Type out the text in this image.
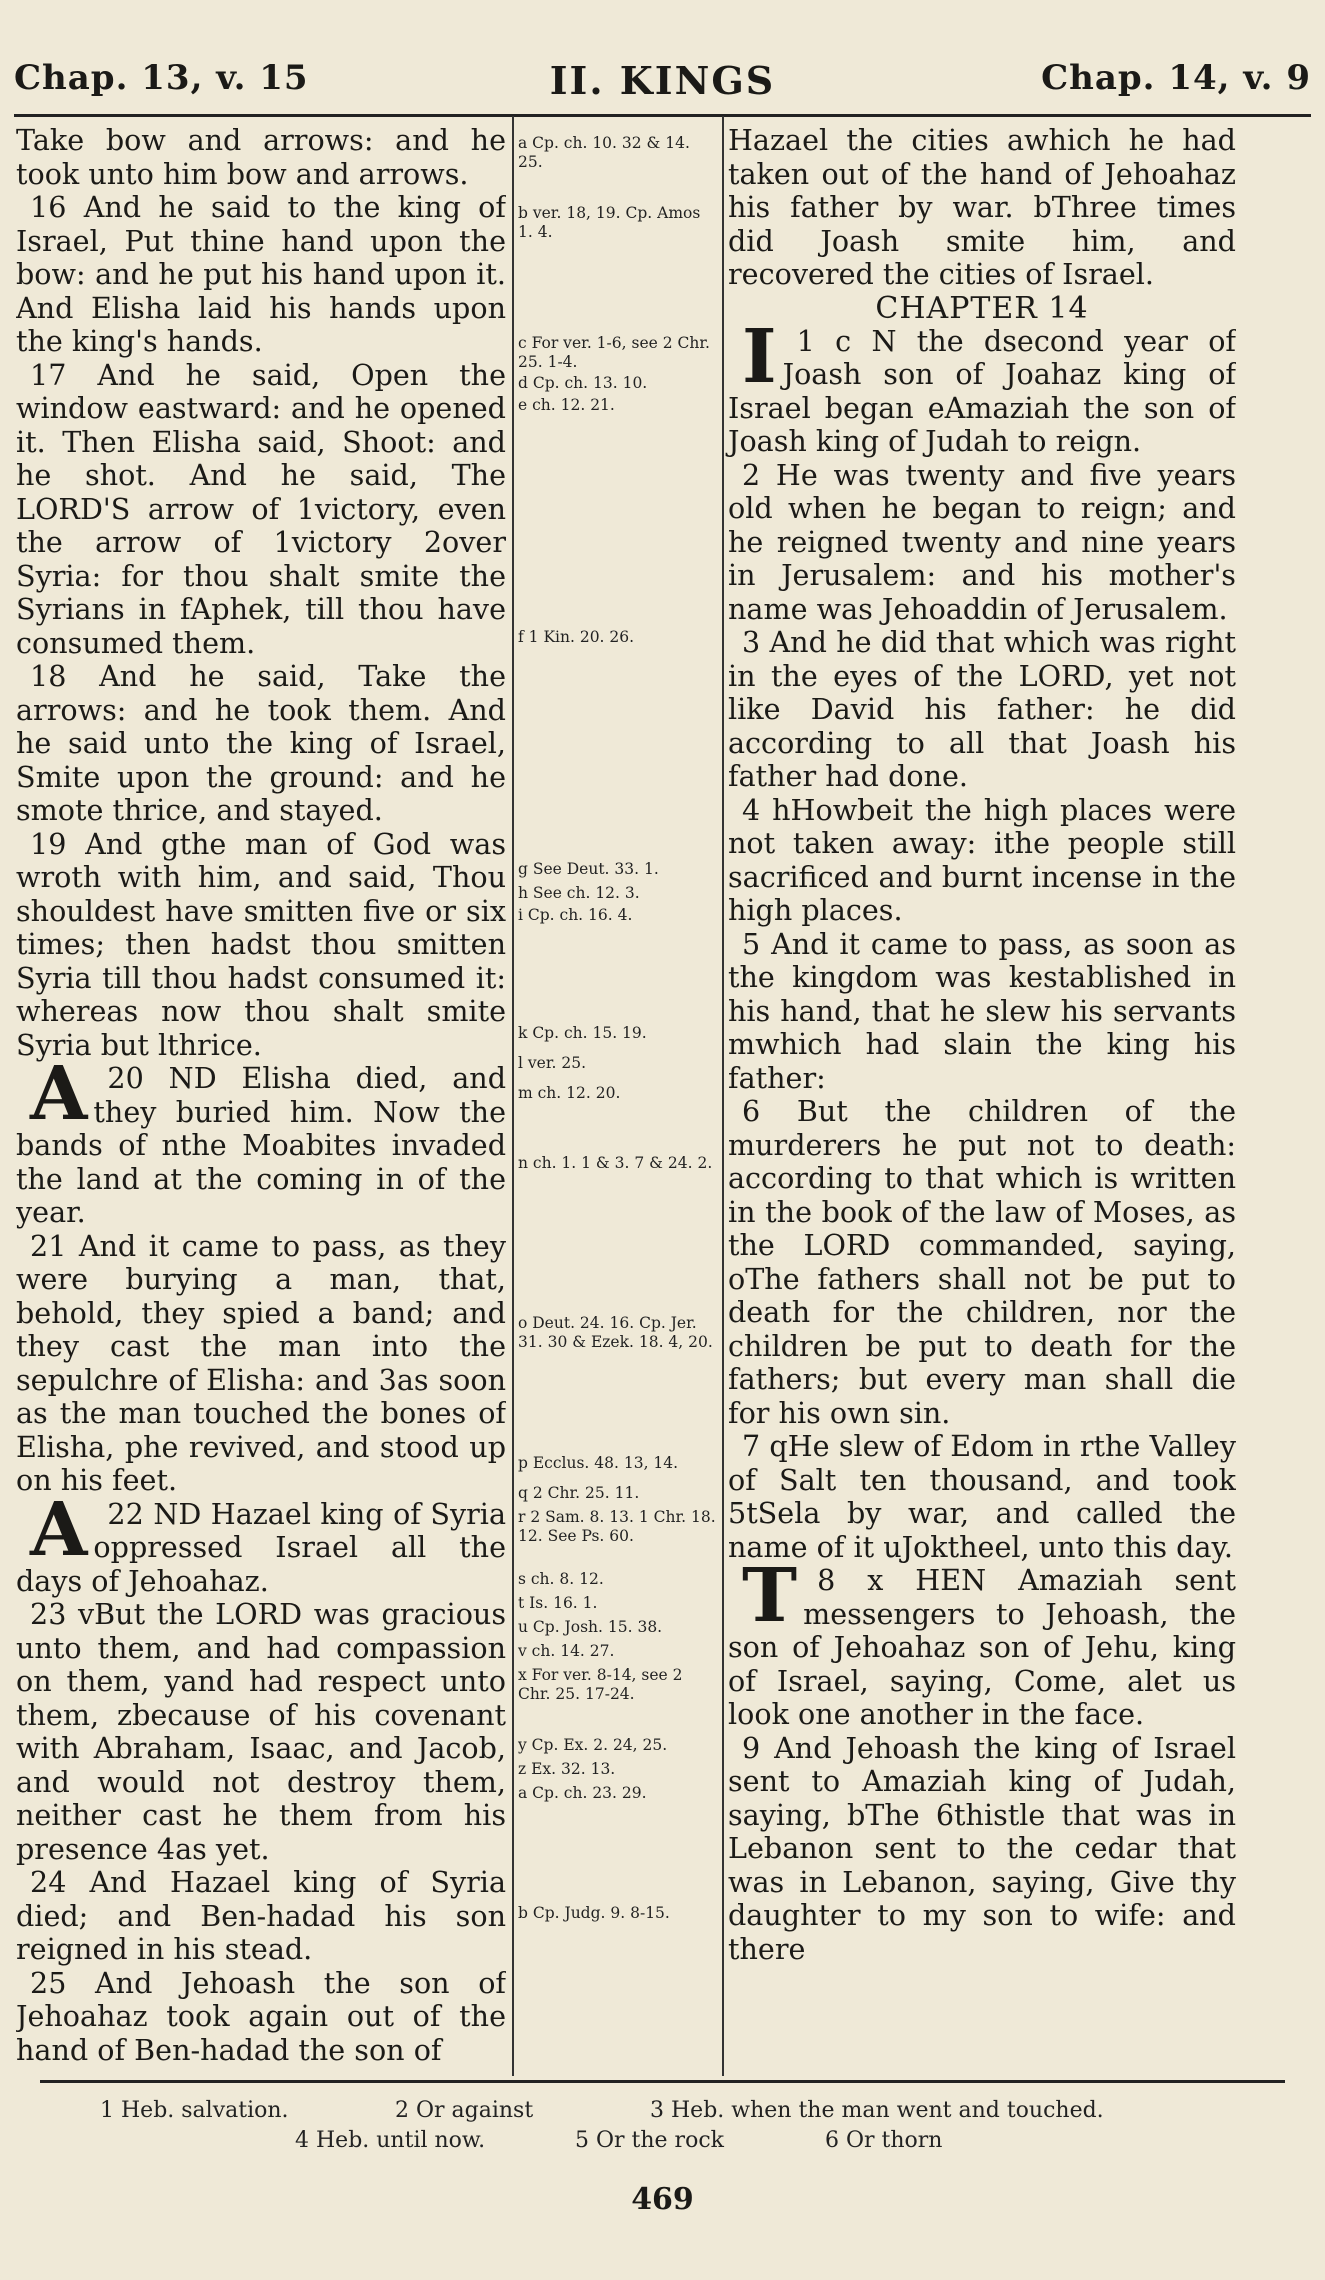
Chap. 13, v. 15	II. KINGS	Chap. 14, v. 9

Take bow and arrows: and he took unto him bow and arrows.

16 And he said to the king of Israel, Put thine hand upon the bow: and he put his hand upon it. And Elisha laid his hands upon the king's hands.

17 And he said, Open the window eastward: and he opened it. Then Elisha said, Shoot: and he shot. And he said, The LORD'S arrow of 1victory, even the arrow of 1victory 2over Syria: for thou shalt smite the Syrians in fAphek, till thou have consumed them.

18 And he said, Take the arrows: and he took them. And he said unto the king of Israel, Smite upon the ground: and he smote thrice, and stayed.

19 And gthe man of God was wroth with him, and said, Thou shouldest have smitten five or six times; then hadst thou smitten Syria till thou hadst consumed it: whereas now thou shalt smite Syria but lthrice.

20
A	ND Elisha died, and they buried him. Now the bands of nthe Moabites invaded the land at the coming in of the year.

21 And it came to pass, as they were burying a man, that, behold, they spied a band; and they cast the man into the sepulchre of Elisha: and 3as soon as the man touched the bones of Elisha, phe revived, and stood up on his feet.

22
A ND Hazael king of Syria oppressed Israel all the days of Jehoahaz.

23 vBut the LORD was gracious unto them, and had compassion on them, yand had respect unto them, zbecause of his covenant with Abraham, Isaac, and Jacob, and would not destroy them, neither cast he them from his presence 4as yet.

24 And Hazael king of Syria died; and Ben-hadad his son reigned in his stead.

25 And Jehoash the son of Jehoahaz took again out of the hand of Ben-hadad the son of

a Cp. ch. 10. 32 & 14. 25.
b ver. 18, 19. Cp. Amos 1. 4.
c For ver. 1-6, see 2 Chr. 25. 1-4.
d Cp. ch. 13. 10.
e ch. 12. 21.
f 1 Kin. 20. 26.
g See Deut. 33. 1.
h See ch. 12. 3.
i Cp. ch. 16. 4.
k Cp. ch. 15. 19.
l ver. 25.
m ch. 12. 20.
n ch. 1. 1 & 3. 7 & 24. 2.
o Deut. 24. 16. Cp. Jer. 31. 30 & Ezek. 18. 4, 20.
p Ecclus. 48. 13, 14.
q 2 Chr. 25. 11.
r 2 Sam. 8. 13. 1 Chr. 18. 12. See Ps. 60.
s ch. 8. 12.
t Is. 16. 1.
u Cp. Josh. 15. 38.
v ch. 14. 27.
x For ver. 8-14, see 2 Chr. 25. 17-24.
y Cp. Ex. 2. 24, 25.
z Ex. 32. 13.
a Cp. ch. 23. 29.
b Cp. Judg. 9. 8-15.

Hazael the cities awhich he had taken out of the hand of Jehoahaz his father by war. bThree times did Joash smite him, and recovered the cities of Israel.

CHAPTER 14

1 c
I	N the dsecond year of Joash son of Joahaz king of Israel began eAmaziah the son of Joash king of Judah to reign.

2 He was twenty and five years old when he began to reign; and he reigned twenty and nine years in Jerusalem: and his mother's name was Jehoaddin of Jerusalem.

3 And he did that which was right in the eyes of the LORD, yet not like David his father: he did according to all that Joash his father had done.

4 hHowbeit the high places were not taken away: ithe people still sacrificed and burnt incense in the high places.

5 And it came to pass, as soon as the kingdom was kestablished in his hand, that he slew his servants mwhich had slain the king his father:

6 But the children of the murderers he put not to death: according to that which is written in the book of the law of Moses, as the LORD commanded, saying, oThe fathers shall not be put to death for the children, nor the children be put to death for the fathers; but every man shall die for his own sin.

7 qHe slew of Edom in rthe Valley of Salt ten thousand, and took 5tSela by war, and called the name of it uJoktheel, unto this day.

8 x
T	HEN Amaziah sent messengers to Jehoash, the son of Jehoahaz son of Jehu, king of Israel, saying, Come, alet us look one another in the face.

9 And Jehoash the king of Israel sent to Amaziah king of Judah, saying, bThe 6thistle that was in Lebanon sent to the cedar that was in Lebanon, saying, Give thy daughter to my son to wife: and there

1 Heb. salvation.	2 Or against	3 Heb. when the man went and touched.
4 Heb. until now.	5 Or the rock	6 Or thorn
469
